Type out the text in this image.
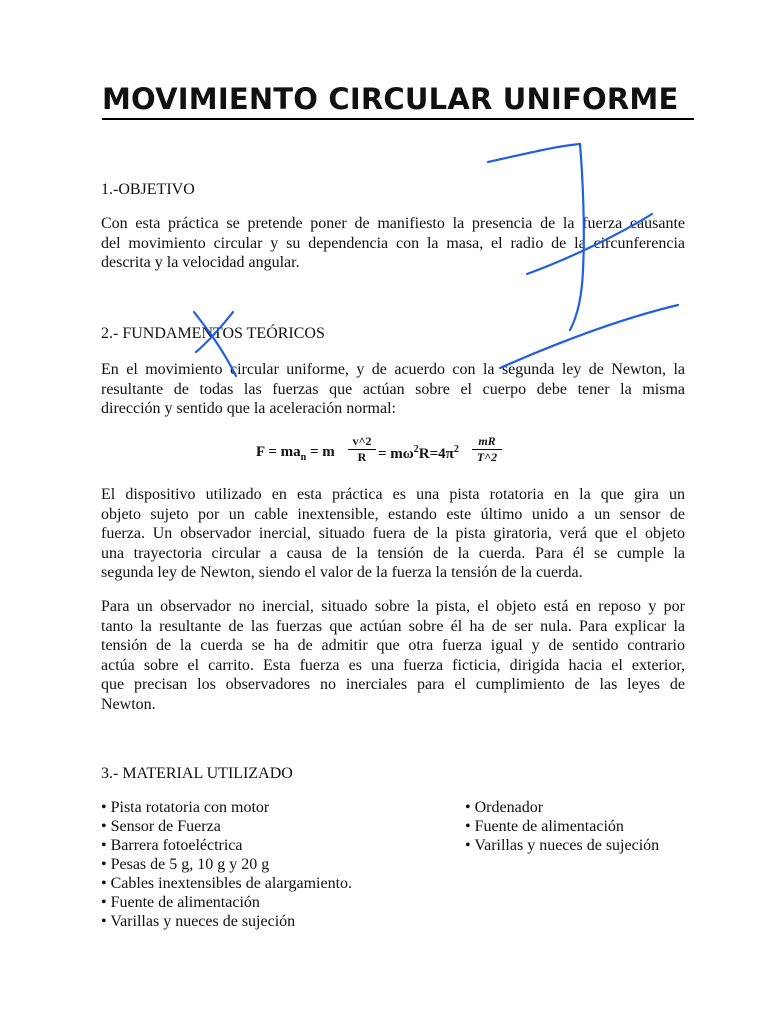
MOVIMIENTO CIRCULAR UNIFORME
1.-OBJETIVO
Con esta práctica se pretende poner de manifiesto la presencia de la fuerza causante
del movimiento circular y su dependencia con la masa, el radio de la circunferencia
descrita y la velocidad angular.
2.- FUNDAMENTOS TEÓRICOS
En el movimiento circular uniforme, y de acuerdo con la segunda ley de Newton, la
resultante de todas las fuerzas que actúan sobre el cuerpo debe tener la misma
dirección y sentido que la aceleración normal:
$F = ma_n = m$
v^2
$R = m\omega^2R=4\pi^2$
mR
T^2
El dispositivo utilizado en esta práctica es una pista rotatoria en la que gira un
objeto sujeto por un cable inextensible, estando este último unido a un sensor de
fuerza. Un observador inercial, situado fuera de la pista giratoria, verá que el objeto
una trayectoria circular a causa de la tensión de la cuerda. Para él se cumple la
segunda ley de Newton, siendo el valor de la fuerza la tensión de la cuerda.
Para un observador no inercial, situado sobre la pista, el objeto está en reposo y por
tanto la resultante de las fuerzas que actúan sobre él ha de ser nula. Para explicar la
tensión de la cuerda se ha de admitir que otra fuerza igual y de sentido contrario
actúa sobre el carrito. Esta fuerza es una fuerza ficticia, dirigida hacia el exterior,
que precisan los observadores no inerciales para el cumplimiento de las leyes de
Newton.
3.- MATERIAL UTILIZADO
• Pista rotatoria con motor
• Sensor de Fuerza
• Barrera fotoeléctrica
• Pesas de 5 g, 10 g y 20 g
• Cables inextensibles de alargamiento.
• Fuente de alimentación
• Varillas y nueces de sujeción
• Ordenador
• Fuente de alimentación
• Varillas y nueces de sujeción
